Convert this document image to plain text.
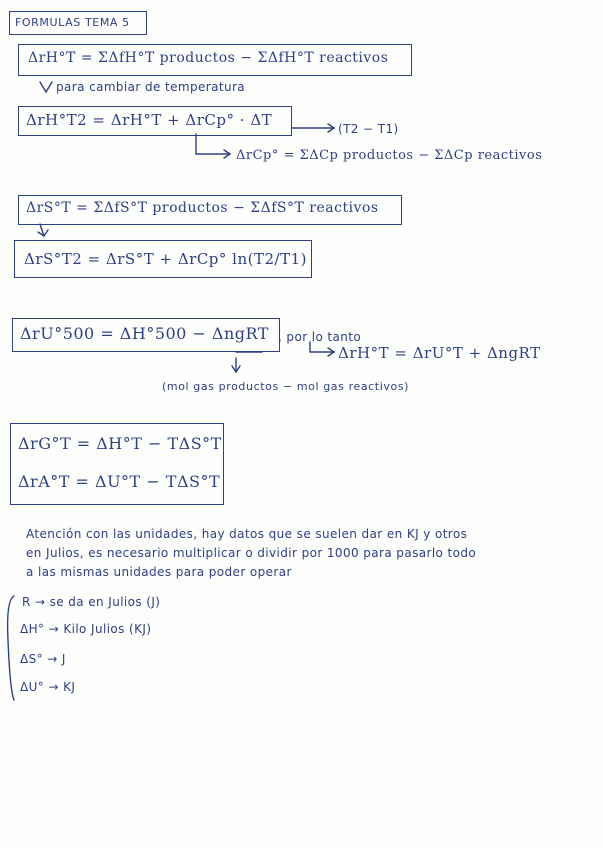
FORMULAS TEMA 5
ΔrH°T = ΣΔfH°T productos − ΣΔfH°T reactivos
para cambiar de temperatura
ΔrH°T2 = ΔrH°T + ΔrCp° · ΔT	(T2 − T1)
ΔrCp° = ΣΔCp productos − ΣΔCp reactivos
ΔrS°T = ΣΔfS°T productos − ΣΔfS°T reactivos
ΔrS°T2 = ΔrS°T + ΔrCp° ln(T2/T1)
ΔrU°500 = ΔH°500 − ΔngRT , por lo tanto
ΔrH°T = ΔrU°T + ΔngRT
(mol gas productos − mol gas reactivos)
ΔrG°T = ΔH°T − TΔS°T
ΔrA°T = ΔU°T − TΔS°T
Atención con las unidades, hay datos que se suelen dar en KJ y otros
en Julios, es necesario multiplicar o dividir por 1000 para pasarlo todo
a las mismas unidades para poder operar
R → se da en Julios (J)
ΔH° → Kilo Julios (KJ)
ΔS° → J
ΔU° → KJ
